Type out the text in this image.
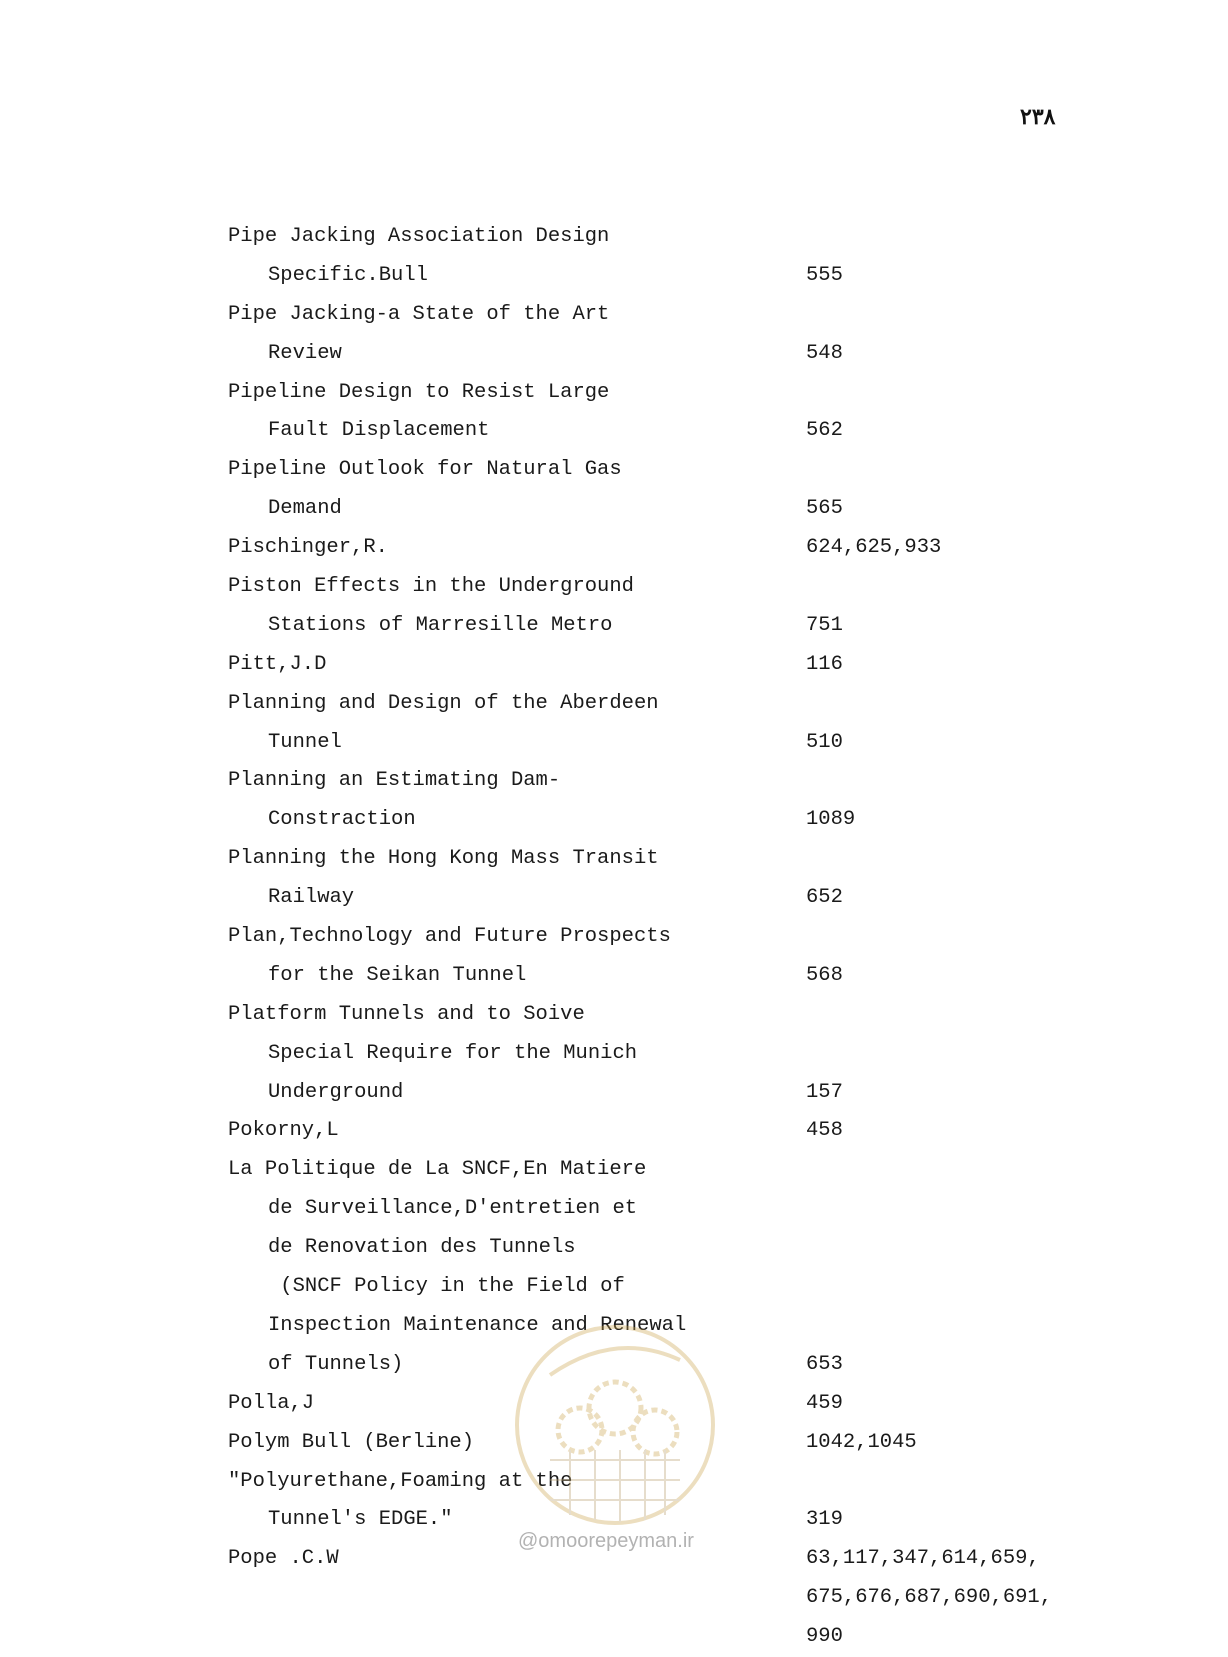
۲۳۸
Pipe Jacking Association Design
Specific.Bull	555
Pipe Jacking-a State of the Art
Review	548
Pipeline Design to Resist Large
Fault Displacement	562
Pipeline Outlook for Natural Gas
Demand	565
Pischinger,R.	624,625,933
Piston Effects in the Underground
Stations of Marresille Metro	751
Pitt,J.D	116
Planning and Design of the Aberdeen
Tunnel	510
Planning an Estimating Dam-
Constraction	1089
Planning the Hong Kong Mass Transit
Railway	652
Plan,Technology and Future Prospects
for the Seikan Tunnel	568
Platform Tunnels and to Soive
Special Require for the Munich
Underground	157
Pokorny,L	458
La Politique de La SNCF,En Matiere
de Surveillance,D'entretien et
de Renovation des Tunnels
(SNCF Policy in the Field of
Inspection Maintenance and Renewal
of Tunnels)	653
Polla,J	459
Polym Bull (Berline)	1042,1045
"Polyurethane,Foaming at the
Tunnel's EDGE."	319
Pope .C.W	63,117,347,614,659,
675,676,687,690,691,
990
@omoorepeyman.ir
